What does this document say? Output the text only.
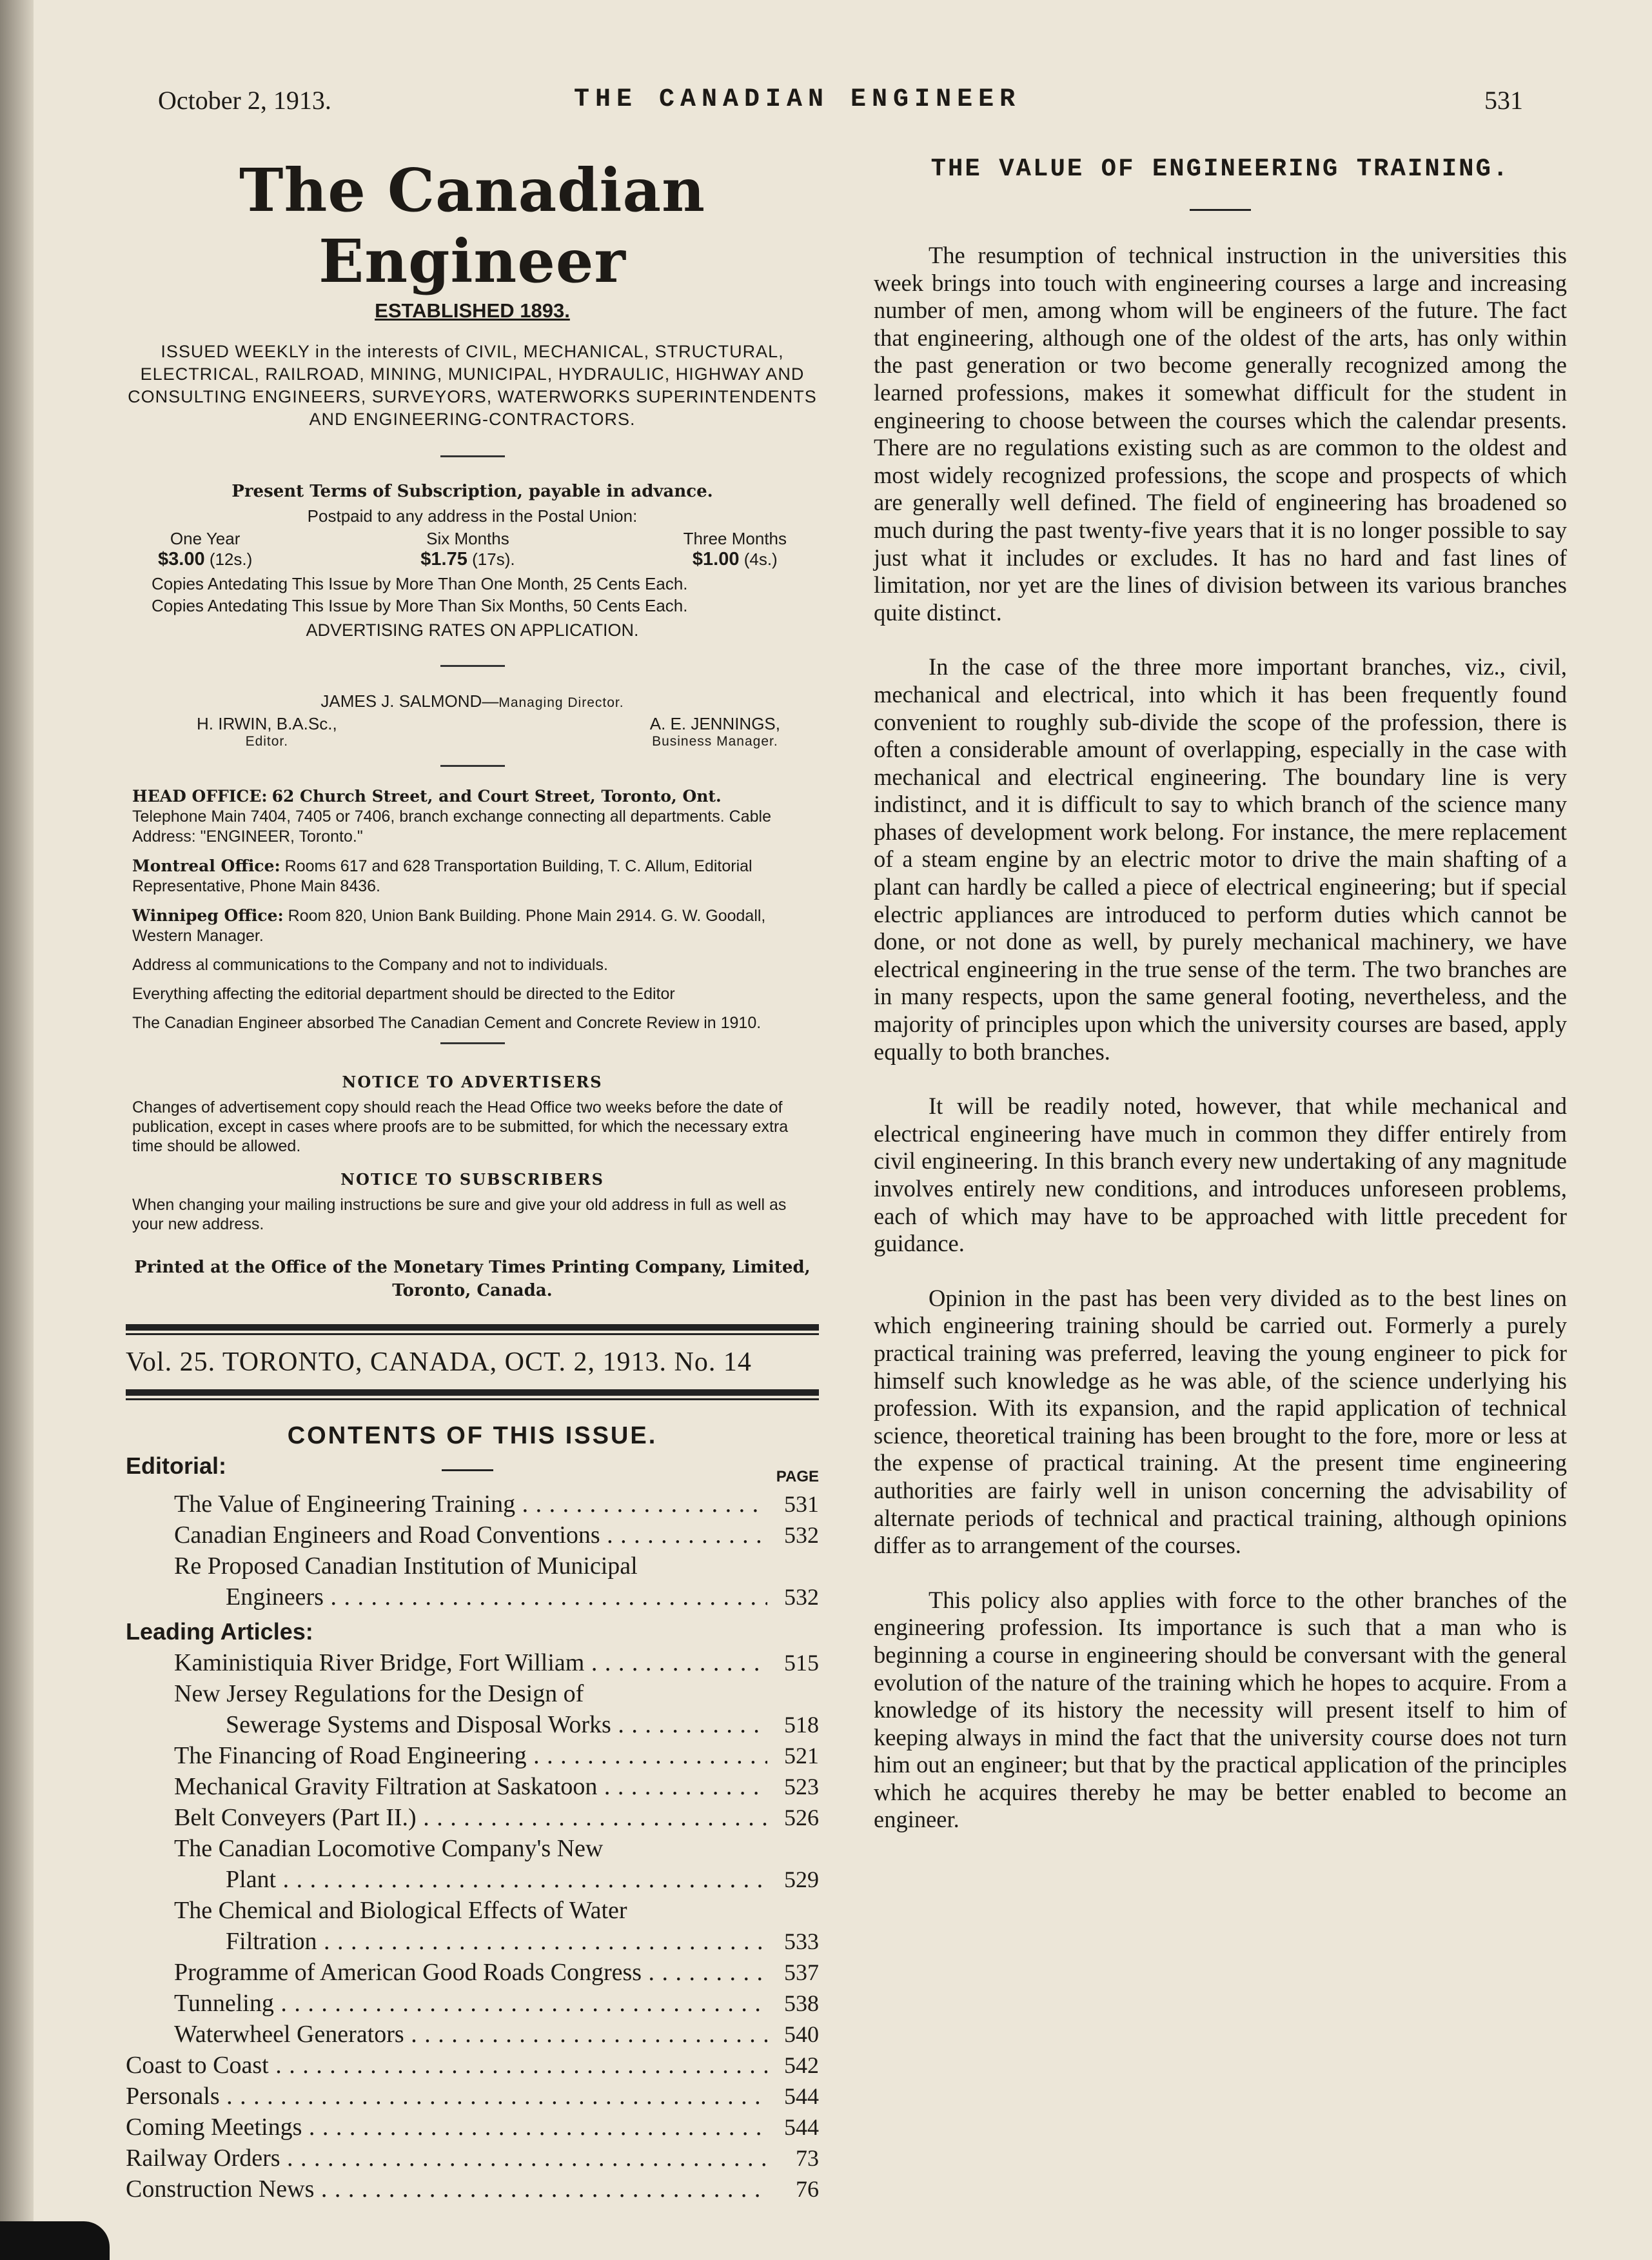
October 2, 1913.	THE CANADIAN ENGINEER	531
The Canadian Engineer
ESTABLISHED 1893.
ISSUED WEEKLY in the interests of CIVIL, MECHANICAL, STRUCTURAL, ELECTRICAL, RAILROAD, MINING, MUNICIPAL, HYDRAULIC, HIGHWAY AND CONSULTING ENGINEERS, SURVEYORS, WATERWORKS SUPERINTENDENTS AND ENGINEERING-CONTRACTORS.
Present Terms of Subscription, payable in advance.
Postpaid to any address in the Postal Union:
One Year
$3.00 (12s.)
Six Months
$1.75 (17s).
Three Months
$1.00 (4s.)
Copies Antedating This Issue by More Than One Month, 25 Cents Each.
Copies Antedating This Issue by More Than Six Months, 50 Cents Each.
ADVERTISING RATES ON APPLICATION.
JAMES J. SALMOND—Managing Director.
H. IRWIN, B.A.Sc.,
Editor.
A. E. JENNINGS,
Business Manager.

HEAD OFFICE: 62 Church Street, and Court Street, Toronto, Ont.
Telephone Main 7404, 7405 or 7406, branch exchange connecting all departments. Cable Address: "ENGINEER, Toronto."

Montreal Office: Rooms 617 and 628 Transportation Building, T. C. Allum, Editorial Representative, Phone Main 8436.

Winnipeg Office: Room 820, Union Bank Building. Phone Main 2914. G. W. Goodall, Western Manager.

Address al communications to the Company and not to individuals.

Everything affecting the editorial department should be directed to the Editor

The Canadian Engineer absorbed The Canadian Cement and Concrete Review in 1910.

NOTICE TO ADVERTISERS
Changes of advertisement copy should reach the Head Office two weeks before the date of publication, except in cases where proofs are to be submitted, for which the necessary extra time should be allowed.
NOTICE TO SUBSCRIBERS
When changing your mailing instructions be sure and give your old address in full as well as your new address.
Printed at the Office of the Monetary Times Printing Company, Limited, Toronto, Canada.
Vol. 25. TORONTO, CANADA, OCT. 2, 1913. No. 14
CONTENTS OF THIS ISSUE.
Editorial:	PAGE
The Value of Engineering Training . . .	531
Canadian Engineers and Road Conventions . . .	532
Re Proposed Canadian Institution of Municipal
Engineers . . .	532
Leading Articles:
Kaministiquia River Bridge, Fort William . . .	515
New Jersey Regulations for the Design of
Sewerage Systems and Disposal Works . . .	518
The Financing of Road Engineering . . .	521
Mechanical Gravity Filtration at Saskatoon . . .	523
Belt Conveyers (Part II.) . . .	526
The Canadian Locomotive Company's New
Plant . . .	529
The Chemical and Biological Effects of Water
Filtration . . .	533
Programme of American Good Roads Congress . . .	537
Tunneling . . .	538
Waterwheel Generators . . .	540
Coast to Coast . . .	542
Personals . . .	544
Coming Meetings . . .	544
Railway Orders . . .	73
Construction News . . .	76
THE VALUE OF ENGINEERING TRAINING.

The resumption of technical instruction in the universities this week brings into touch with engineering courses a large and increasing number of men, among whom will be engineers of the future. The fact that engineering, although one of the oldest of the arts, has only within the past generation or two become generally recognized among the learned professions, makes it somewhat difficult for the student in engineering to choose between the courses which the calendar presents. There are no regulations existing such as are common to the oldest and most widely recognized professions, the scope and prospects of which are generally well defined. The field of engineering has broadened so much during the past twenty-five years that it is no longer possible to say just what it includes or excludes. It has no hard and fast lines of limitation, nor yet are the lines of division between its various branches quite distinct.

In the case of the three more important branches, viz., civil, mechanical and electrical, into which it has been frequently found convenient to roughly sub-divide the scope of the profession, there is often a considerable amount of overlapping, especially in the case with mechanical and electrical engineering. The boundary line is very indistinct, and it is difficult to say to which branch of the science many phases of development work belong. For instance, the mere replacement of a steam engine by an electric motor to drive the main shafting of a plant can hardly be called a piece of electrical engineering; but if special electric appliances are introduced to perform duties which cannot be done, or not done as well, by purely mechanical machinery, we have electrical engineering in the true sense of the term. The two branches are in many respects, upon the same general footing, nevertheless, and the majority of principles upon which the university courses are based, apply equally to both branches.

It will be readily noted, however, that while mechanical and electrical engineering have much in common they differ entirely from civil engineering. In this branch every new undertaking of any magnitude involves entirely new conditions, and introduces unforeseen problems, each of which may have to be approached with little precedent for guidance.

Opinion in the past has been very divided as to the best lines on which engineering training should be carried out. Formerly a purely practical training was preferred, leaving the young engineer to pick for himself such knowledge as he was able, of the science underlying his profession. With its expansion, and the rapid application of technical science, theoretical training has been brought to the fore, more or less at the expense of practical training. At the present time engineering authorities are fairly well in unison concerning the advisability of alternate periods of technical and practical training, although opinions differ as to arrangement of the courses.

This policy also applies with force to the other branches of the engineering profession. Its importance is such that a man who is beginning a course in engineering should be conversant with the general evolution of the nature of the training which he hopes to acquire. From a knowledge of its history the necessity will present itself to him of keeping always in mind the fact that the university course does not turn him out an engineer; but that by the practical application of the principles which he acquires thereby he may be better enabled to become an engineer.
